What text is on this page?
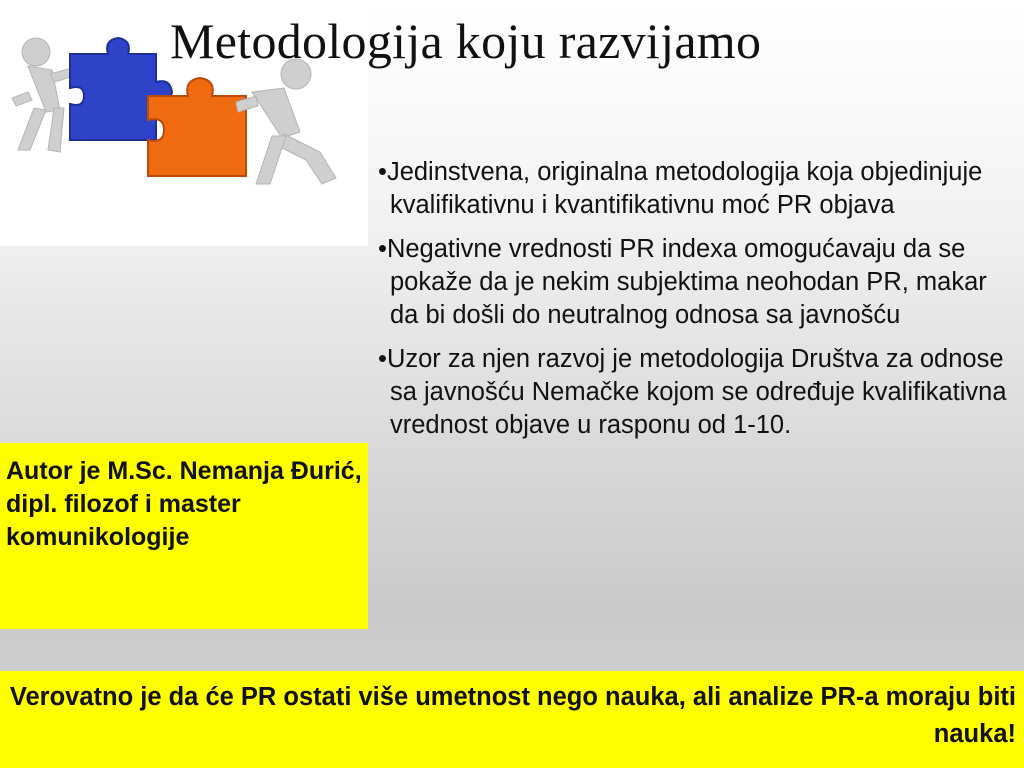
Metodologija koju razvijamo
•Jedinstvena, originalna metodologija koja objedinjuje kvalifikativnu i kvantifikativnu moć PR objava
•Negativne vrednosti PR indexa omogućavaju da se pokaže da je nekim subjektima neohodan PR, makar da bi došli do neutralnog odnosa sa javnošću
•Uzor za njen razvoj je metodologija Društva za odnose sa javnošću Nemačke kojom se određuje kvalifikativna vrednost objave u rasponu od 1-10.
Autor je M.Sc. Nemanja Đurić, dipl. filozof i master komunikologije
Verovatno je da će PR ostati više umetnost nego nauka, ali analize PR-a moraju biti nauka!
